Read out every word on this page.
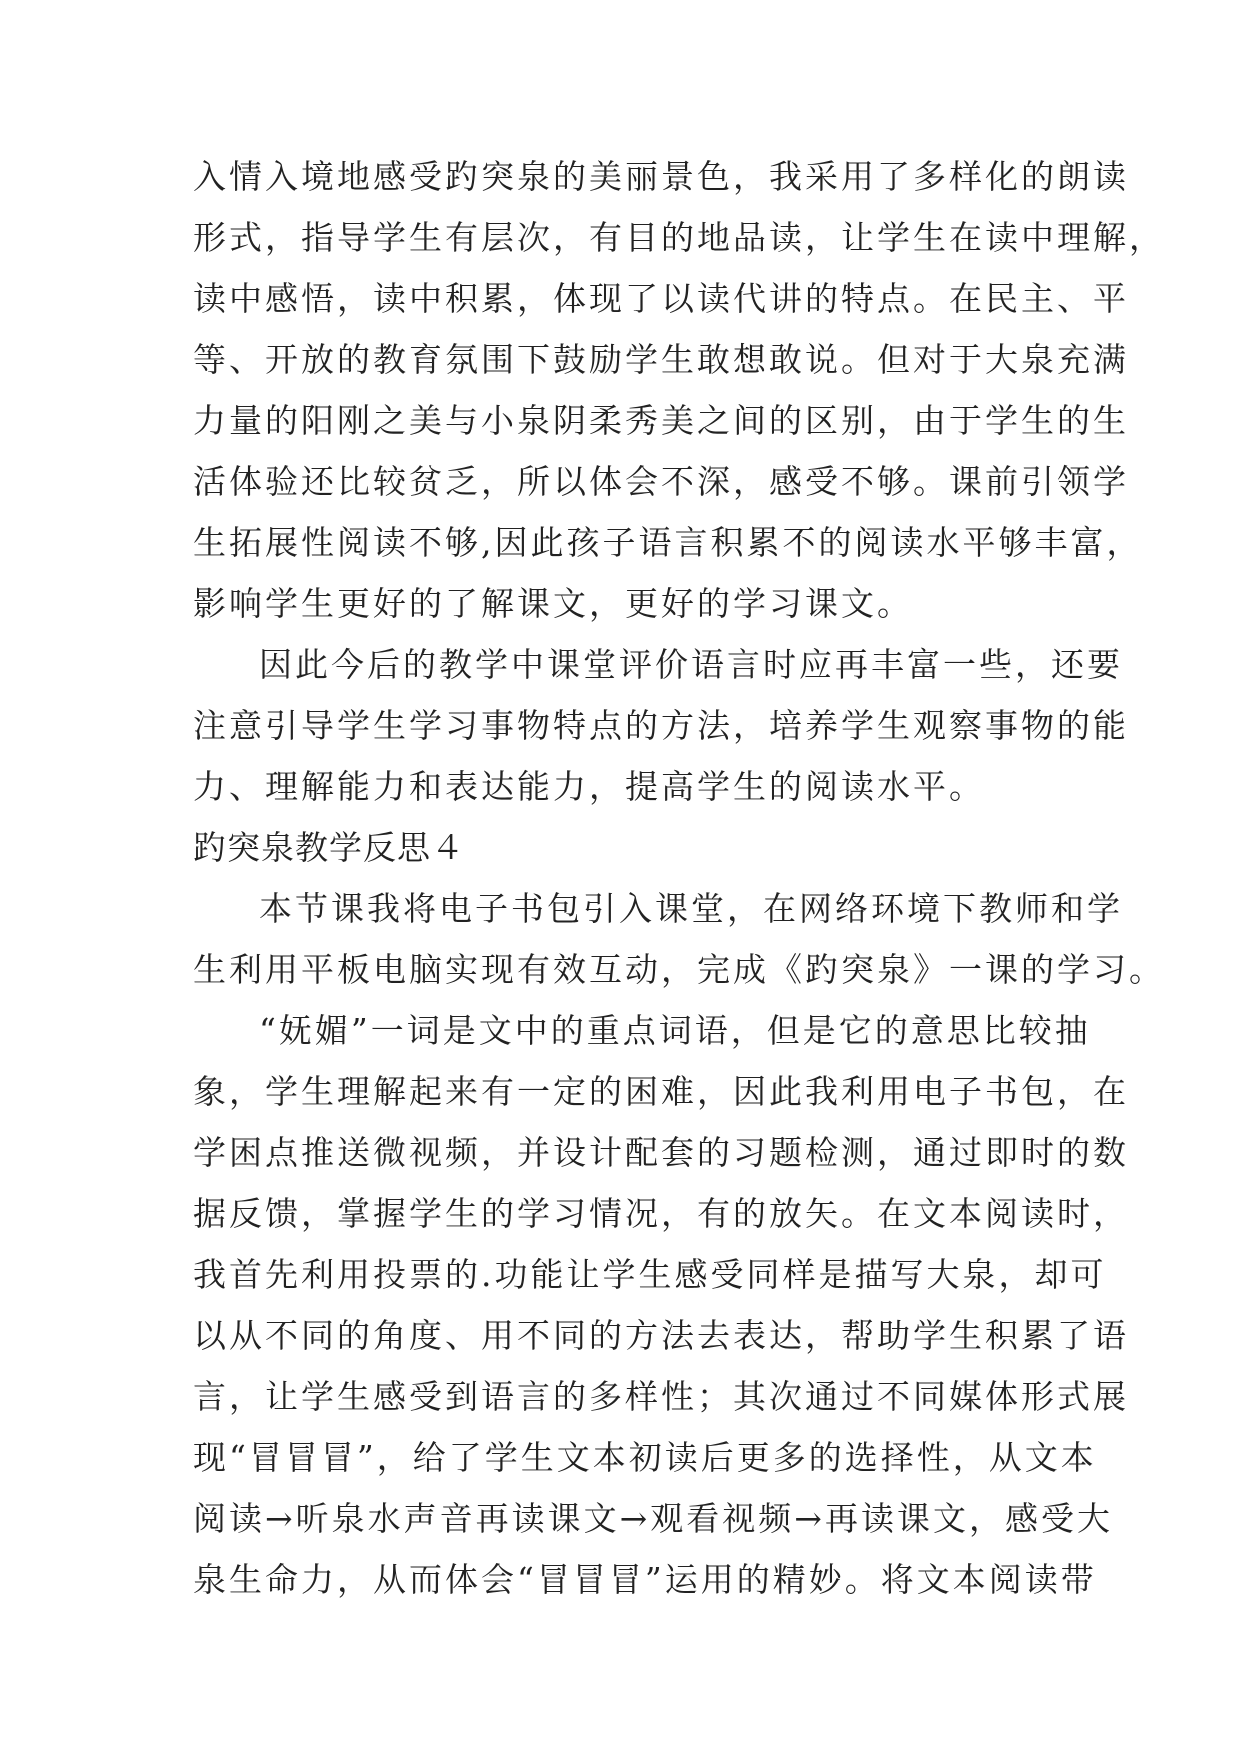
入情入境地感受趵突泉的美丽景色，我采用了多样化的朗读
形式，指导学生有层次，有目的地品读，让学生在读中理解，
读中感悟，读中积累，体现了以读代讲的特点。在民主、平
等、开放的教育氛围下鼓励学生敢想敢说。但对于大泉充满
力量的阳刚之美与小泉阴柔秀美之间的区别，由于学生的生
活体验还比较贫乏，所以体会不深，感受不够。课前引领学
生拓展性阅读不够,因此孩子语言积累不的阅读水平够丰富，
影响学生更好的了解课文，更好的学习课文。
因此今后的教学中课堂评价语言时应再丰富一些，还要
注意引导学生学习事物特点的方法，培养学生观察事物的能
力、理解能力和表达能力，提高学生的阅读水平。
趵突泉教学反思４
本节课我将电子书包引入课堂，在网络环境下教师和学
生利用平板电脑实现有效互动，完成《趵突泉》一课的学习。
“妩媚”一词是文中的重点词语，但是它的意思比较抽
象，学生理解起来有一定的困难，因此我利用电子书包，在
学困点推送微视频，并设计配套的习题检测，通过即时的数
据反馈，掌握学生的学习情况，有的放矢。在文本阅读时，
我首先利用投票的.功能让学生感受同样是描写大泉，却可
以从不同的角度、用不同的方法去表达，帮助学生积累了语
言，让学生感受到语言的多样性；其次通过不同媒体形式展
现“冒冒冒”，给了学生文本初读后更多的选择性，从文本
阅读→听泉水声音再读课文→观看视频→再读课文，感受大
泉生命力，从而体会“冒冒冒”运用的精妙。将文本阅读带
